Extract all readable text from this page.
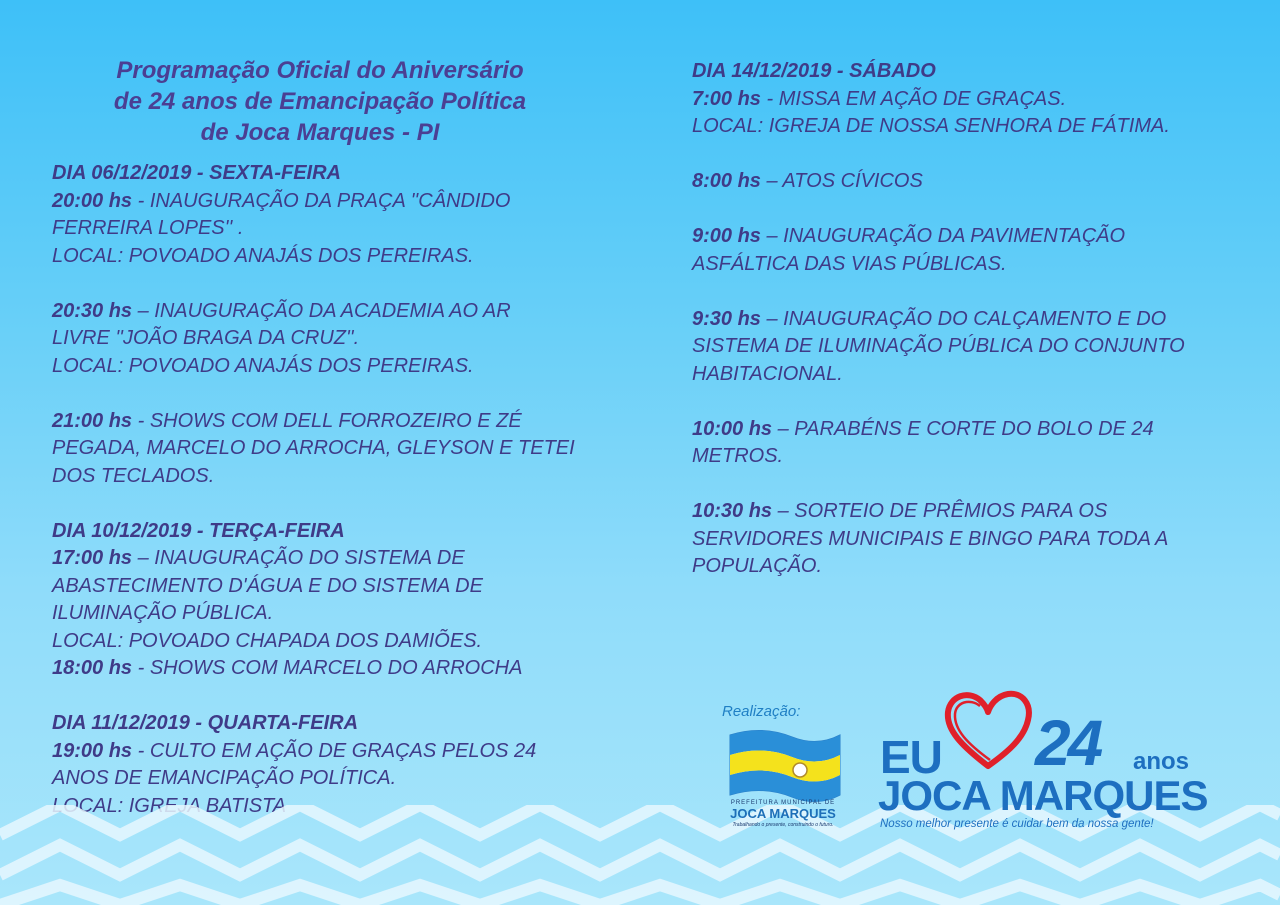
Programação Oficial do Aniversário
de 24 anos de Emancipação Política
de Joca Marques - PI
DIA 06/12/2019 - SEXTA-FEIRA
20:00 hs - INAUGURAÇÃO DA PRAÇA ''CÂNDIDO
FERREIRA LOPES'' .
LOCAL: POVOADO ANAJÁS DOS PEREIRAS.
20:30 hs – INAUGURAÇÃO DA ACADEMIA AO AR
LIVRE ''JOÃO BRAGA DA CRUZ''.
LOCAL: POVOADO ANAJÁS DOS PEREIRAS.
21:00 hs - SHOWS COM DELL FORROZEIRO E ZÉ
PEGADA, MARCELO DO ARROCHA, GLEYSON E TETEI
DOS TECLADOS.
DIA 10/12/2019 - TERÇA-FEIRA
17:00 hs – INAUGURAÇÃO DO SISTEMA DE
ABASTECIMENTO D'ÁGUA E DO SISTEMA DE
ILUMINAÇÃO PÚBLICA.
LOCAL: POVOADO CHAPADA DOS DAMIÕES.
18:00 hs - SHOWS COM MARCELO DO ARROCHA
DIA 11/12/2019 - QUARTA-FEIRA
19:00 hs - CULTO EM AÇÃO DE GRAÇAS PELOS 24
ANOS DE EMANCIPAÇÃO POLÍTICA.
LOCAL: IGREJA BATISTA
DIA 14/12/2019 - SÁBADO
7:00 hs - MISSA EM AÇÃO DE GRAÇAS.
LOCAL: IGREJA DE NOSSA SENHORA DE FÁTIMA.
8:00 hs – ATOS CÍVICOS
9:00 hs – INAUGURAÇÃO DA PAVIMENTAÇÃO
ASFÁLTICA DAS VIAS PÚBLICAS.
9:30 hs – INAUGURAÇÃO DO CALÇAMENTO E DO
SISTEMA DE ILUMINAÇÃO PÚBLICA DO CONJUNTO
HABITACIONAL.
10:00 hs – PARABÉNS E CORTE DO BOLO DE 24
METROS.
10:30 hs – SORTEIO DE PRÊMIOS PARA OS
SERVIDORES MUNICIPAIS E BINGO PARA TODA A
POPULAÇÃO.
Realização:
PREFEITURA MUNICIPAL DE
JOCA MARQUES
Trabalhando o presente, construindo o futuro.
EU 24 anos
JOCA MARQUES
Nosso melhor presente é cuidar bem da nossa gente!
